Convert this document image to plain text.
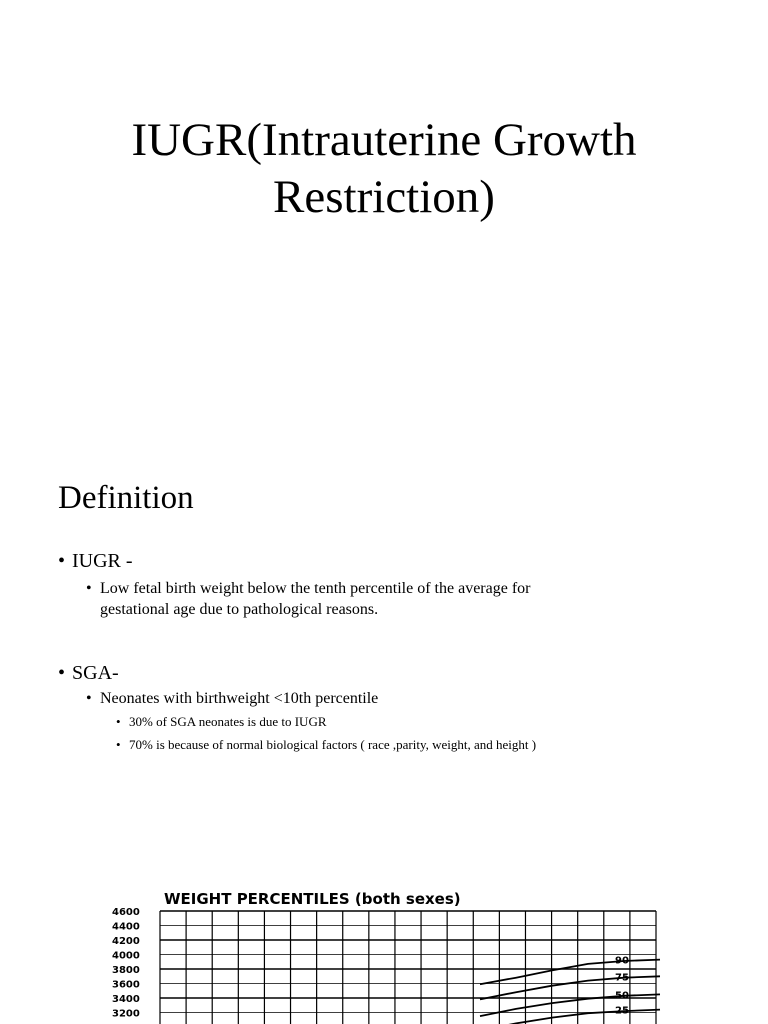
IUGR(Intrauterine Growth
Restriction)
Definition
• IUGR -
• Low fetal birth weight below the tenth percentile of the average for
gestational age due to pathological reasons.
• SGA-
• Neonates with birthweight <10th percentile
• 30% of SGA neonates is due to IUGR
• 70% is because of normal biological factors ( race ,parity, weight, and height )
WEIGHT PERCENTILES (both sexes)
4600
4400
4200
4000
3800
3600
3400
3200
90
75
50
25
